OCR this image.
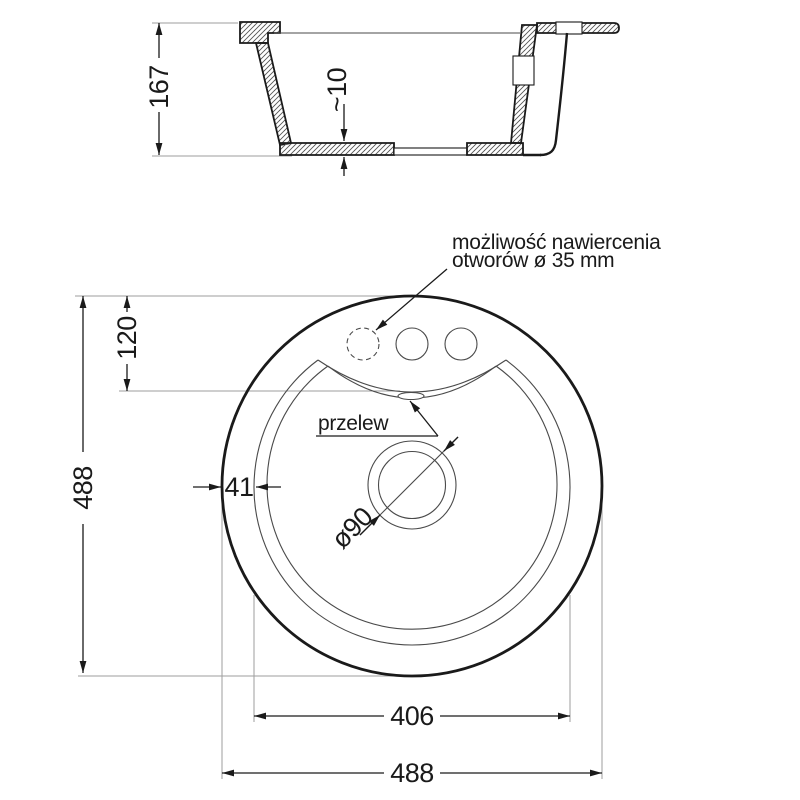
167	~10
ø90
możliwość nawiercenia
otworów ø 35 mm
przelew
120
488	41
406
488
